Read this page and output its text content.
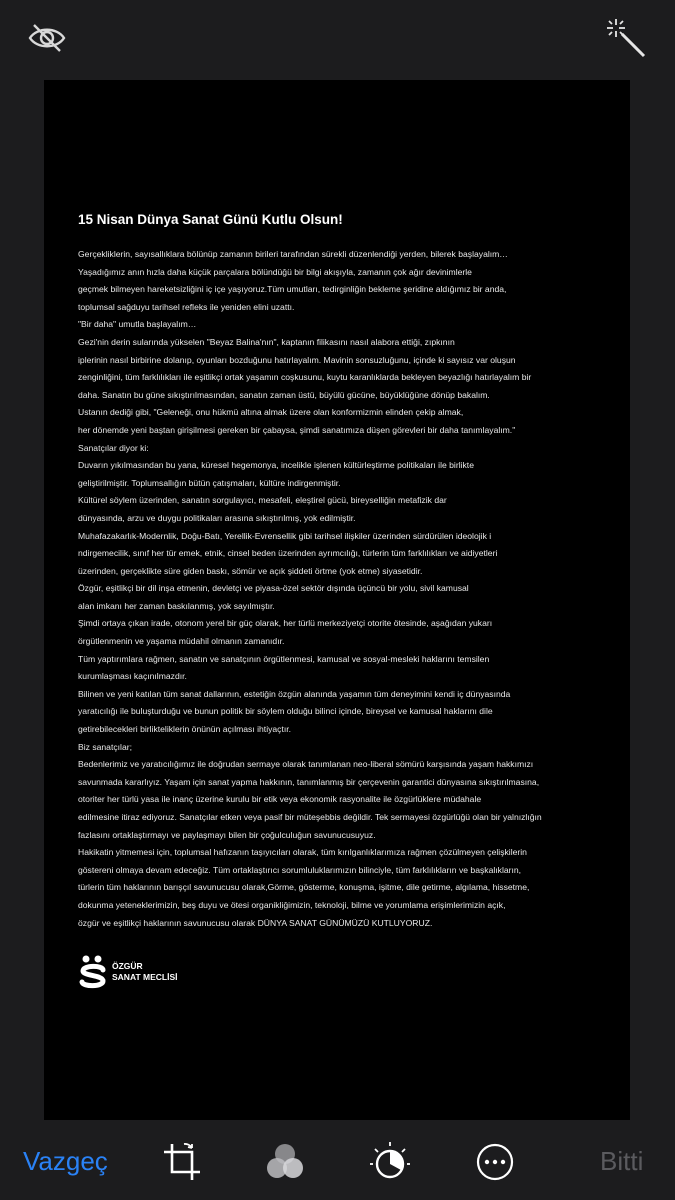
15 Nisan Dünya Sanat Günü Kutlu Olsun!
Gerçekliklerin, sayısallıklara bölünüp zamanın birileri tarafından sürekli düzenlendiği yerden, bilerek başlayalım…
Yaşadığımız anın hızla daha küçük parçalara bölündüğü bir bilgi akışıyla, zamanın çok ağır devinimlerle
geçmek bilmeyen hareketsizliğini iç içe yaşıyoruz.Tüm umutları, tedirginliğin bekleme şeridine aldığımız bir anda,
toplumsal sağduyu tarihsel refleks ile yeniden elini uzattı.
"Bir daha" umutla başlayalım…
Gezi'nin derin sularında yükselen "Beyaz Balina'nın", kaptanın filikasını nasıl alabora ettiği, zıpkının
iplerinin nasıl birbirine dolanıp, oyunları bozduğunu hatırlayalım. Mavinin sonsuzluğunu, içinde ki sayısız var oluşun
zenginliğini, tüm farklılıkları ile eşitlikçi ortak yaşamın coşkusunu, kuytu karanlıklarda bekleyen beyazlığı hatırlayalım bir
daha. Sanatın bu güne sıkıştırılmasından, sanatın zaman üstü, büyülü gücüne, büyüklüğüne dönüp bakalım.
Ustanın dediği gibi, "Geleneği, onu hükmü altına almak üzere olan konformizmin elinden çekip almak,
her dönemde yeni baştan girişilmesi gereken bir çabaysa, şimdi sanatımıza düşen görevleri bir daha tanımlayalım."
Sanatçılar diyor ki:
Duvarın yıkılmasından bu yana, küresel hegemonya, incelikle işlenen kültürleştirme politikaları ile birlikte
geliştirilmiştir. Toplumsallığın bütün çatışmaları, kültüre indirgenmiştir.
Kültürel söylem üzerinden, sanatın sorgulayıcı, mesafeli, eleştirel gücü, bireyselliğin metafizik dar
dünyasında, arzu ve duygu politikaları arasına sıkıştırılmış, yok edilmiştir.
Muhafazakarlık-Modernlik, Doğu-Batı, Yerellik-Evrensellik gibi tarihsel ilişkiler üzerinden sürdürülen ideolojik i
ndirgemecilik, sınıf her tür emek, etnik, cinsel beden üzerinden ayrımcılığı, türlerin tüm farklılıkları ve aidiyetleri
üzerinden, gerçeklikte süre giden baskı, sömür ve açık şiddeti örtme (yok etme) siyasetidir.
Özgür, eşitlikçi bir dil inşa etmenin, devletçi ve piyasa-özel sektör dışında üçüncü bir yolu, sivil kamusal
alan imkanı her zaman baskılanmış, yok sayılmıştır.
Şimdi ortaya çıkan irade, otonom yerel bir güç olarak, her türlü merkeziyetçi otorite ötesinde, aşağıdan yukarı
örgütlenmenin ve yaşama müdahil olmanın zamanıdır.
Tüm yaptırımlara rağmen, sanatın ve sanatçının örgütlenmesi, kamusal ve sosyal-mesleki haklarını temsilen
kurumlaşması kaçınılmazdır.
Bilinen ve yeni katılan tüm sanat dallarının, estetiğin özgün alanında yaşamın tüm deneyimini kendi iç dünyasında
yaratıcılığı ile buluşturduğu ve bunun politik bir söylem olduğu bilinci içinde, bireysel ve kamusal haklarını dile
getirebilecekleri birlikteliklerin önünün açılması ihtiyaçtır.
Biz sanatçılar;
Bedenlerimiz ve yaratıcılığımız ile doğrudan sermaye olarak tanımlanan neo-liberal sömürü karşısında yaşam hakkımızı
savunmada kararlıyız. Yaşam için sanat yapma hakkının, tanımlanmış bir çerçevenin garantici dünyasına sıkıştırılmasına,
otoriter her türlü yasa ile inanç üzerine kurulu bir etik veya ekonomik rasyonalite ile özgürlüklere müdahale
edilmesine itiraz ediyoruz. Sanatçılar etken veya pasif bir müteşebbis değildir. Tek sermayesi özgürlüğü olan bir yalnızlığın
fazlasını ortaklaştırmayı ve paylaşmayı bilen bir çoğulculuğun savunucusuyuz.
Hakikatin yitmemesi için, toplumsal hafızanın taşıyıcıları olarak, tüm kırılganlıklarımıza rağmen çözülmeyen çelişkilerin
göstereni olmaya devam edeceğiz. Tüm ortaklaştırıcı sorumluluklarımızın bilinciyle, tüm farklılıkların ve başkalıkların,
türlerin tüm haklarının barışçıl savunucusu olarak,Görme, gösterme, konuşma, işitme, dile getirme, algılama, hissetme,
dokunma yeteneklerimizin, beş duyu ve ötesi organikliğimizin, teknoloji, bilme ve yorumlama erişimlerimizin açık,
özgür ve eşitlikçi haklarının savunucusu olarak DÜNYA SANAT GÜNÜMÜZÜ KUTLUYORUZ.
ÖZGÜR
SANAT MECLİSİ
Vazgeç	Bitti
